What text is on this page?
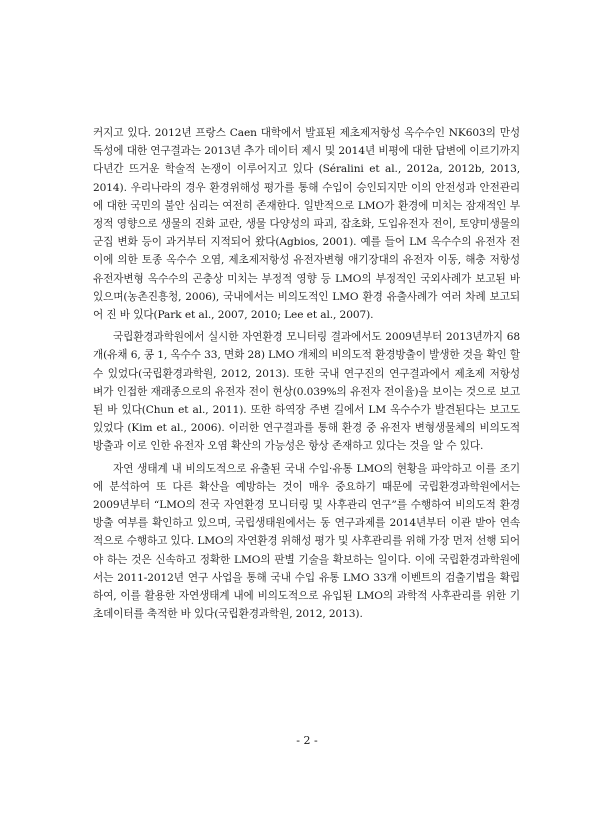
커지고 있다. 2012년 프랑스 Caen 대학에서 발표된 제초제저항성 옥수수인 NK603의 만성독성에 대한 연구결과는 2013년 추가 데이터 제시 및 2014년 비평에 대한 답변에 이르기까지 다년간 뜨거운 학술적 논쟁이 이루어지고 있다 (Séralini et al., 2012a, 2012b, 2013, 2014). 우리나라의 경우 환경위해성 평가를 통해 수입이 승인되지만 이의 안전성과 안전관리에 대한 국민의 불안 심리는 여전히 존재한다. 일반적으로 LMO가 환경에 미치는 잠재적인 부정적 영향으로 생물의 진화 교란, 생물 다양성의 파괴, 잡초화, 도입유전자 전이, 토양미생물의 군집 변화 등이 과거부터 지적되어 왔다(Agbios, 2001). 예를 들어 LM 옥수수의 유전자 전이에 의한 토종 옥수수 오염, 제초제저항성 유전자변형 애기장대의 유전자 이동, 해충 저항성유전자변형 옥수수의 곤충상 미치는 부정적 영향 등 LMO의 부정적인 국외사례가 보고된 바 있으며(농촌진흥청, 2006), 국내에서는 비의도적인 LMO 환경 유출사례가 여러 차례 보고되어 진 바 있다(Park et al., 2007, 2010; Lee et al., 2007).

국립환경과학원에서 실시한 자연환경 모니터링 결과에서도 2009년부터 2013년까지 68개(유채 6, 콩 1, 옥수수 33, 면화 28) LMO 개체의 비의도적 환경방출이 발생한 것을 확인 할 수 있었다(국립환경과학원, 2012, 2013). 또한 국내 연구진의 연구결과에서 제초제 저항성 벼가 인접한 재래종으로의 유전자 전이 현상(0.039%의 유전자 전이율)을 보이는 것으로 보고된 바 있다(Chun et al., 2011). 또한 하역장 주변 길에서 LM 옥수수가 발견된다는 보고도 있었다 (Kim et al., 2006). 이러한 연구결과를 통해 환경 중 유전자 변형생물체의 비의도적 방출과 이로 인한 유전자 오염 확산의 가능성은 항상 존재하고 있다는 것을 알 수 있다.

자연 생태계 내 비의도적으로 유출된 국내 수입·유통 LMO의 현황을 파악하고 이를 조기에 분석하여 또 다른 확산을 예방하는 것이 매우 중요하기 때문에 국립환경과학원에서는 2009년부터 “LMO의 전국 자연환경 모니터링 및 사후관리 연구”를 수행하여 비의도적 환경방출 여부를 확인하고 있으며, 국립생태원에서는 동 연구과제를 2014년부터 이관 받아 연속적으로 수행하고 있다. LMO의 자연환경 위해성 평가 및 사후관리를 위해 가장 먼저 선행 되어야 하는 것은 신속하고 정확한 LMO의 판별 기술을 확보하는 일이다. 이에 국립환경과학원에서는 2011-2012년 연구 사업을 통해 국내 수입 유통 LMO 33개 이벤트의 검출기법을 확립하여, 이를 활용한 자연생태계 내에 비의도적으로 유입된 LMO의 과학적 사후관리를 위한 기초데이터를 축적한 바 있다(국립환경과학원, 2012, 2013).

- 2 -
